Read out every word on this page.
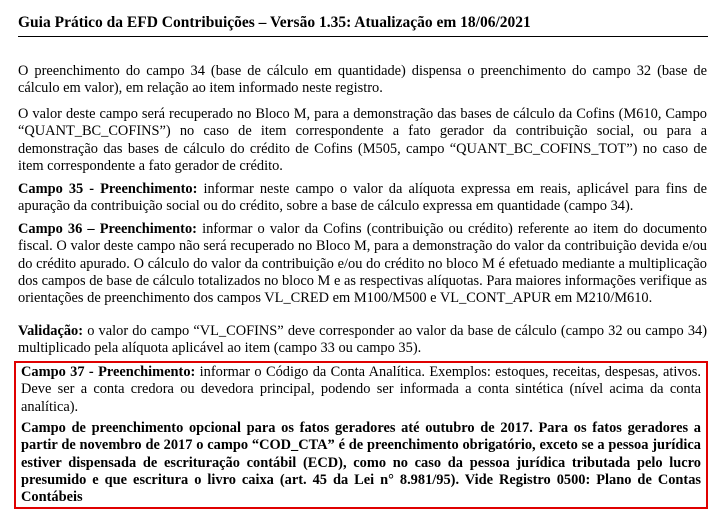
Guia Prático da EFD Contribuições – Versão 1.35: Atualização em 18/06/2021

O preenchimento do campo 34 (base de cálculo em quantidade) dispensa o preenchimento do campo 32 (base de cálculo em valor), em relação ao item informado neste registro.

O valor deste campo será recuperado no Bloco M, para a demonstração das bases de cálculo da Cofins (M610, Campo “QUANT_BC_COFINS”) no caso de item correspondente a fato gerador da contribuição social, ou para a demonstração das bases de cálculo do crédito de Cofins (M505, campo “QUANT_BC_COFINS_TOT”) no caso de item correspondente a fato gerador de crédito.

Campo 35 - Preenchimento: informar neste campo o valor da alíquota expressa em reais, aplicável para fins de apuração da contribuição social ou do crédito, sobre a base de cálculo expressa em quantidade (campo 34).

Campo 36 – Preenchimento: informar o valor da Cofins (contribuição ou crédito) referente ao item do documento fiscal. O valor deste campo não será recuperado no Bloco M, para a demonstração do valor da contribuição devida e/ou do crédito apurado. O cálculo do valor da contribuição e/ou do crédito no bloco M é efetuado mediante a multiplicação dos campos de base de cálculo totalizados no bloco M e as respectivas alíquotas. Para maiores informações verifique as orientações de preenchimento dos campos VL_CRED em M100/M500 e VL_CONT_APUR em M210/M610.

Validação: o valor do campo “VL_COFINS” deve corresponder ao valor da base de cálculo (campo 32 ou campo 34) multiplicado pela alíquota aplicável ao item (campo 33 ou campo 35).

Campo 37 - Preenchimento: informar o Código da Conta Analítica. Exemplos: estoques, receitas, despesas, ativos. Deve ser a conta credora ou devedora principal, podendo ser informada a conta sintética (nível acima da conta analítica).

Campo de preenchimento opcional para os fatos geradores até outubro de 2017. Para os fatos geradores a partir de novembro de 2017 o campo “COD_CTA” é de preenchimento obrigatório, exceto se a pessoa jurídica estiver dispensada de escrituração contábil (ECD), como no caso da pessoa jurídica tributada pelo lucro presumido e que escritura o livro caixa (art. 45 da Lei n° 8.981/95). Vide Registro 0500: Plano de Contas Contábeis
